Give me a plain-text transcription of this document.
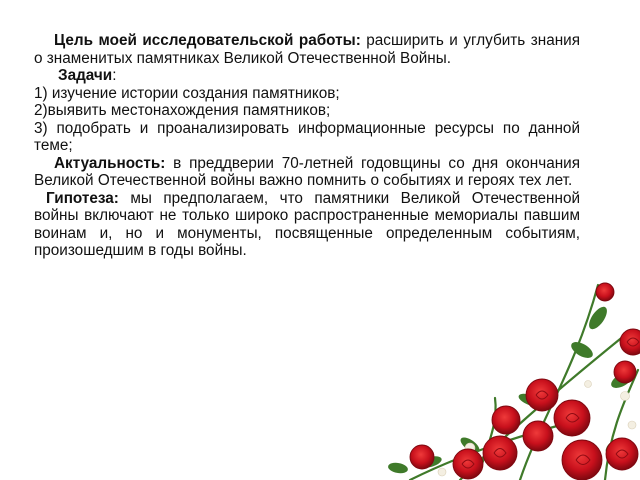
Цель моей исследовательской работы: расширить и углубить знания о знаменитых памятниках Великой Отечественной Войны.

Задачи:

1) изучение истории создания памятников;

2)выявить местонахождения памятников;

3) подобрать и проанализировать информационные ресурсы по данной теме;

Актуальность: в преддверии 70-летней годовщины со дня окончания Великой Отечественной войны важно помнить о событиях и героях тех лет.

Гипотеза: мы предполагаем, что памятники Великой Отечественной войны включают не только широко распространенные мемориалы павшим воинам и, но и монументы, посвященные определенным событиям, произошедшим в годы войны.
